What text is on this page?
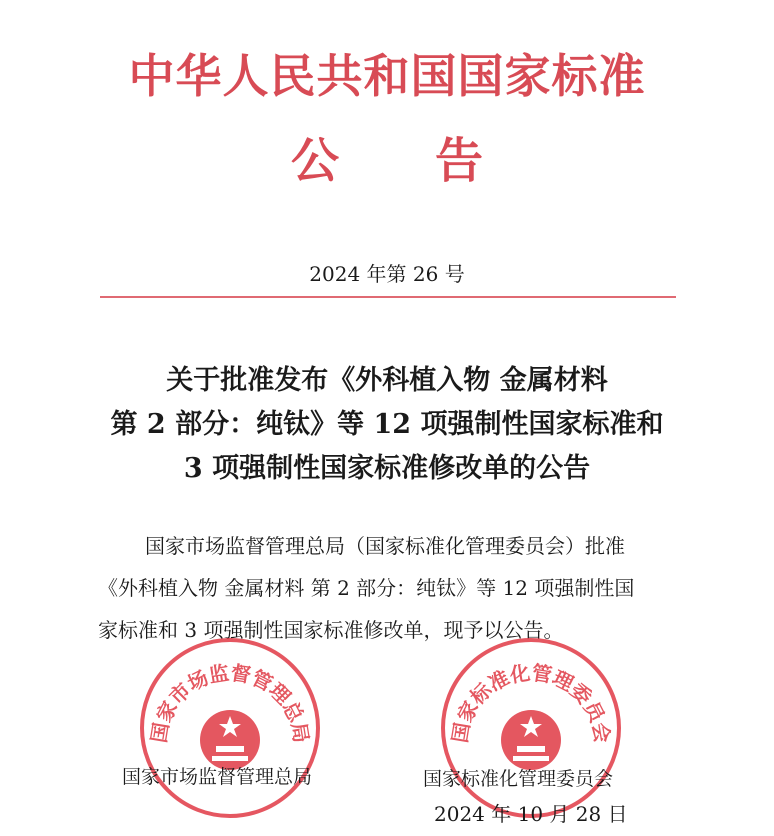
中华人民共和国国家标准
公　　告
2024 年第 26 号
关于批准发布《外科植入物 金属材料
第 2 部分：纯钛》等 12 项强制性国家标准和
3 项强制性国家标准修改单的公告
国家市场监督管理总局（国家标准化管理委员会）批准
《外科植入物 金属材料 第 2 部分：纯钛》等 12 项强制性国
家标准和 3 项强制性国家标准修改单，现予以公告。
国家市场监督管理总局	国家标准化管理委员会
国家市场监督管理总局	国家标准化管理委员会
2024 年 10 月 28 日
